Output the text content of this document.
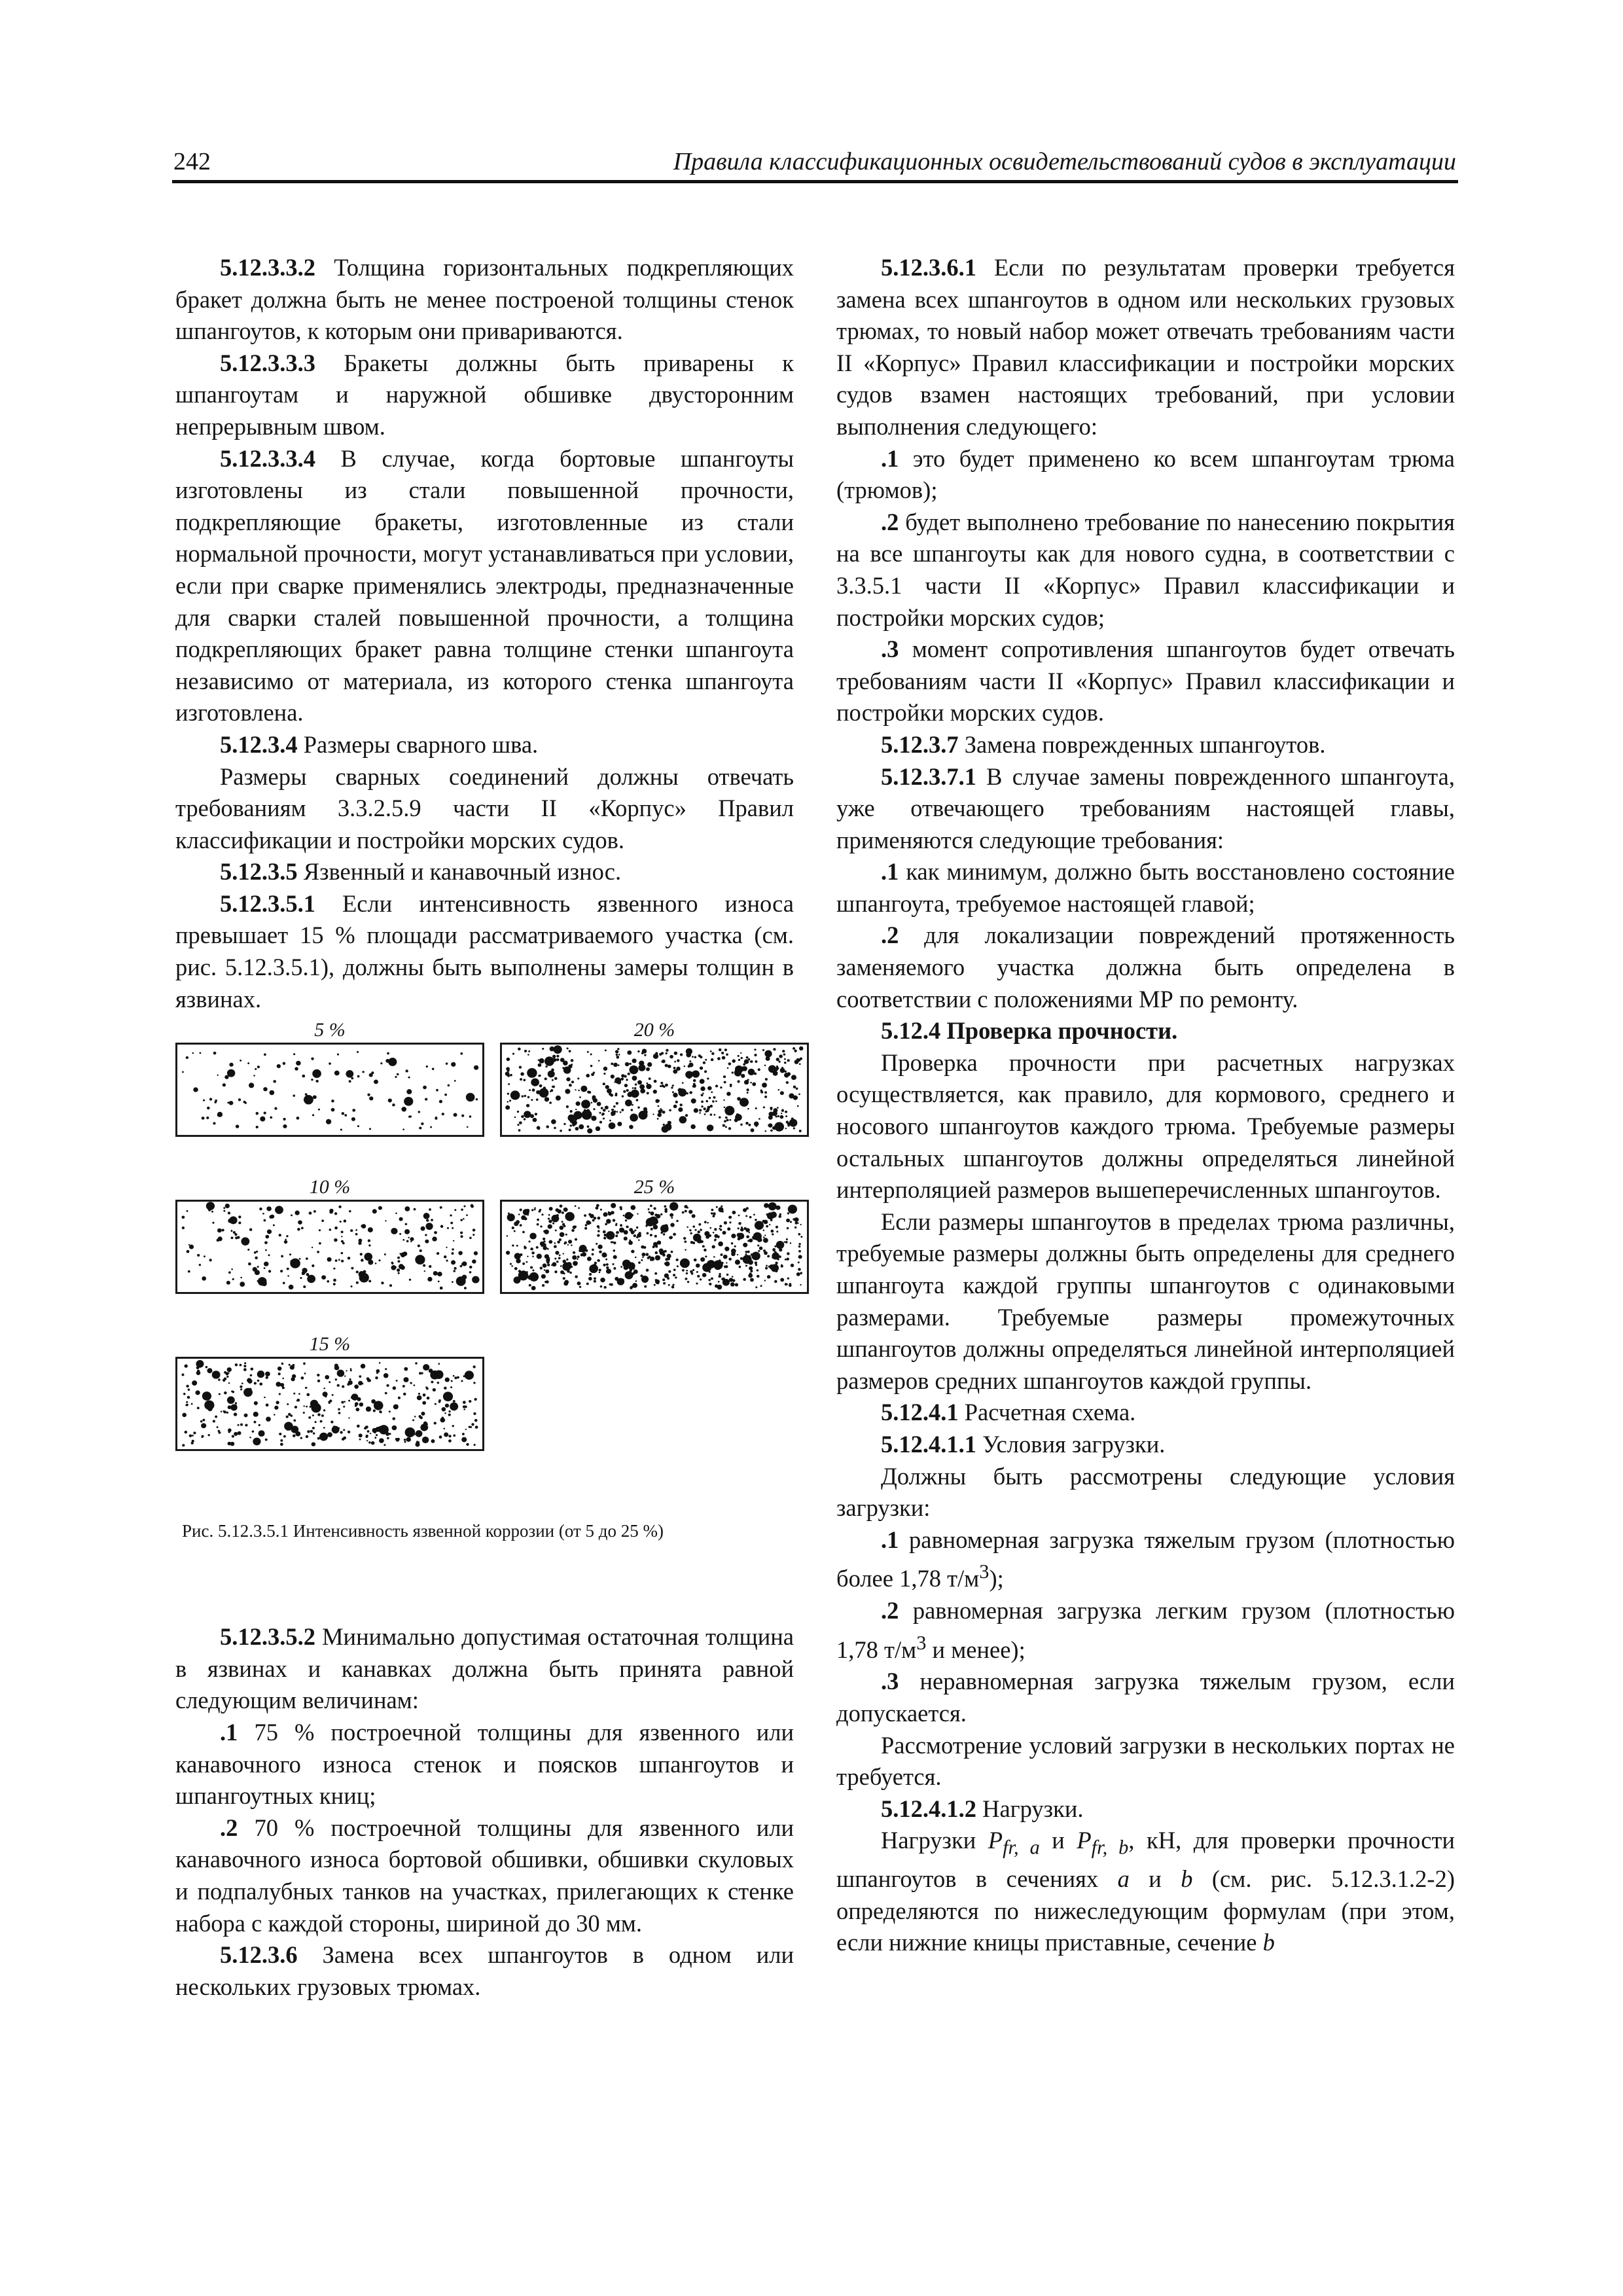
242	Правила классификационных освидетельствований судов в эксплуатации

5.12.3.3.2 Толщина горизонтальных подкрепляющих бракет должна быть не менее построеной толщины стенок шпангоутов, к которым они привариваются.

5.12.3.3.3 Бракеты должны быть приварены к шпангоутам и наружной обшивке двусторонним непрерывным швом.

5.12.3.3.4 В случае, когда бортовые шпангоуты изготовлены из стали повышенной прочности, подкрепляющие бракеты, изготовленные из стали нормальной прочности, могут устанавливаться при условии, если при сварке применялись электроды, предназначенные для сварки сталей повышенной прочности, а толщина подкрепляющих бракет равна толщине стенки шпангоута независимо от материала, из которого стенка шпангоута изготовлена.

5.12.3.4 Размеры сварного шва.

Размеры сварных соединений должны отвечать требованиям 3.3.2.5.9 части II «Корпус» Правил классификации и постройки морских судов.

5.12.3.5 Язвенный и канавочный износ.

5.12.3.5.1 Если интенсивность язвенного износа превышает 15 % площади рассматриваемого участка (см. рис. 5.12.3.5.1), должны быть выполнены замеры толщин в язвинах.

5 %	20 %
10 %	25 %
15 %
Рис. 5.12.3.5.1 Интенсивность язвенной коррозии (от 5 до 25 %)

5.12.3.5.2 Минимально допустимая остаточная толщина в язвинах и канавках должна быть принята равной следующим величинам:

.1 75 % построечной толщины для язвенного или канавочного износа стенок и поясков шпангоутов и шпангоутных книц;

.2 70 % построечной толщины для язвенного или канавочного износа бортовой обшивки, обшивки скуловых и подпалубных танков на участках, прилегающих к стенке набора с каждой стороны, шириной до 30 мм.

5.12.3.6 Замена всех шпангоутов в одном или нескольких грузовых трюмах.

5.12.3.6.1 Если по результатам проверки требуется замена всех шпангоутов в одном или нескольких грузовых трюмах, то новый набор может отвечать требованиям части II «Корпус» Правил классификации и постройки морских судов взамен настоящих требований, при условии выполнения следующего:

.1 это будет применено ко всем шпангоутам трюма (трюмов);

.2 будет выполнено требование по нанесению покрытия на все шпангоуты как для нового судна, в соответствии с 3.3.5.1 части II «Корпус» Правил классификации и постройки морских судов;

.3 момент сопротивления шпангоутов будет отвечать требованиям части II «Корпус» Правил классификации и постройки морских судов.

5.12.3.7 Замена поврежденных шпангоутов.

5.12.3.7.1 В случае замены поврежденного шпангоута, уже отвечающего требованиям настоящей главы, применяются следующие требования:

.1 как минимум, должно быть восстановлено состояние шпангоута, требуемое настоящей главой;

.2 для локализации повреждений протяженность заменяемого участка должна быть определена в соответствии с положениями МР по ремонту.

5.12.4 Проверка прочности.

Проверка прочности при расчетных нагрузках осуществляется, как правило, для кормового, среднего и носового шпангоутов каждого трюма. Требуемые размеры остальных шпангоутов должны определяться линейной интерполяцией размеров вышеперечисленных шпангоутов.

Если размеры шпангоутов в пределах трюма различны, требуемые размеры должны быть определены для среднего шпангоута каждой группы шпангоутов с одинаковыми размерами. Требуемые размеры промежуточных шпангоутов должны определяться линейной интерполяцией размеров средних шпангоутов каждой группы.

5.12.4.1 Расчетная схема.

5.12.4.1.1 Условия загрузки.

Должны быть рассмотрены следующие условия загрузки:

.1 равномерная загрузка тяжелым грузом (плотностью более 1,78 $т/м^3$);

.2 равномерная загрузка легким грузом (плотностью 1,78 $т/м^3$ и менее);

.3 неравномерная загрузка тяжелым грузом, если допускается.

Рассмотрение условий загрузки в нескольких портах не требуется.

5.12.4.1.2 Нагрузки.

Нагрузки $P_{fr, a}$ и $P_{fr, b}$, кН, для проверки прочности шпангоутов в сечениях a и b (см. рис. 5.12.3.1.2-2) определяются по нижеследующим формулам (при этом, если нижние кницы приставные, сечение b
